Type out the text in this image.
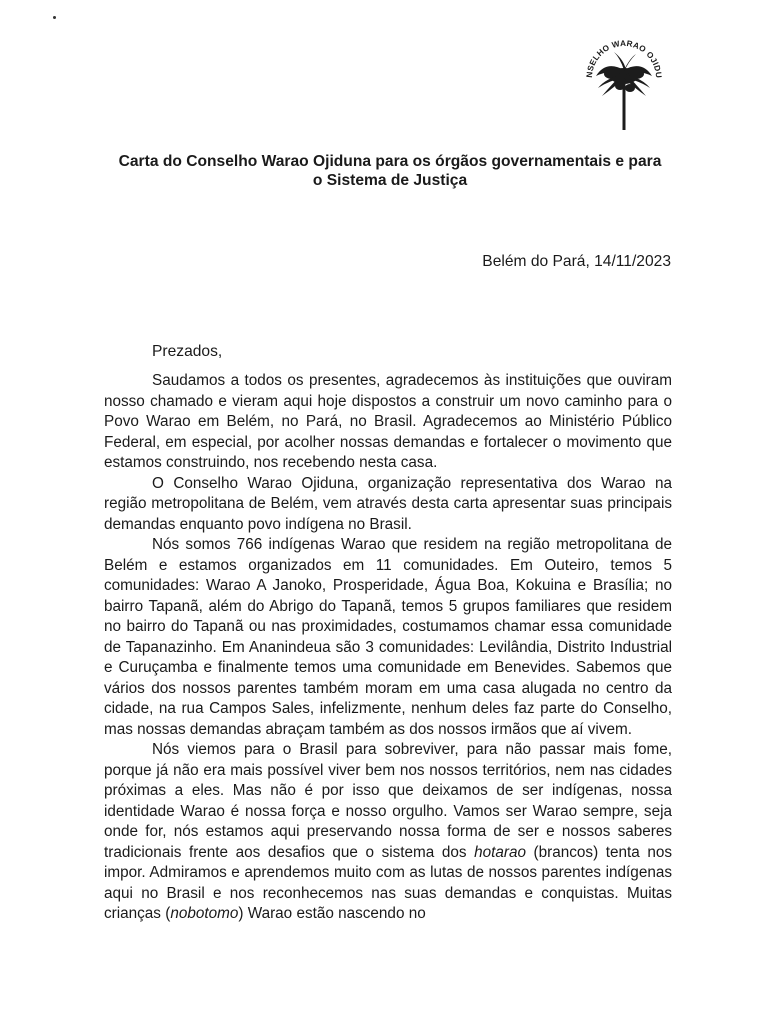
NSELHO WARAO OJIDU
Carta do Conselho Warao Ojiduna para os órgãos governamentais e para
o Sistema de Justiça
Belém do Pará, 14/11/2023
Prezados,

Saudamos a todos os presentes, agradecemos às instituições que ouviram nosso chamado e vieram aqui hoje dispostos a construir um novo caminho para o Povo Warao em Belém, no Pará, no Brasil. Agradecemos ao Ministério Público Federal, em especial, por acolher nossas demandas e fortalecer o movimento que estamos construindo, nos recebendo nesta casa.

O Conselho Warao Ojiduna, organização representativa dos Warao na região metropolitana de Belém, vem através desta carta apresentar suas principais demandas enquanto povo indígena no Brasil.

Nós somos 766 indígenas Warao que residem na região metropolitana de Belém e estamos organizados em 11 comunidades. Em Outeiro, temos 5 comunidades: Warao A Janoko, Prosperidade, Água Boa, Kokuina e Brasília; no bairro Tapanã, além do Abrigo do Tapanã, temos 5 grupos familiares que residem no bairro do Tapanã ou nas proximidades, costumamos chamar essa comunidade de Tapanazinho. Em Ananindeua são 3 comunidades: Levilândia, Distrito Industrial e Curuçamba e finalmente temos uma comunidade em Benevides. Sabemos que vários dos nossos parentes também moram em uma casa alugada no centro da cidade, na rua Campos Sales, infelizmente, nenhum deles faz parte do Conselho, mas nossas demandas abraçam também as dos nossos irmãos que aí vivem.

Nós viemos para o Brasil para sobreviver, para não passar mais fome, porque já não era mais possível viver bem nos nossos territórios, nem nas cidades próximas a eles. Mas não é por isso que deixamos de ser indígenas, nossa identidade Warao é nossa força e nosso orgulho. Vamos ser Warao sempre, seja onde for, nós estamos aqui preservando nossa forma de ser e nossos saberes tradicionais frente aos desafios que o sistema dos hotarao (brancos) tenta nos impor. Admiramos e aprendemos muito com as lutas de nossos parentes indígenas aqui no Brasil e nos reconhecemos nas suas demandas e conquistas. Muitas crianças (nobotomo) Warao estão nascendo no
